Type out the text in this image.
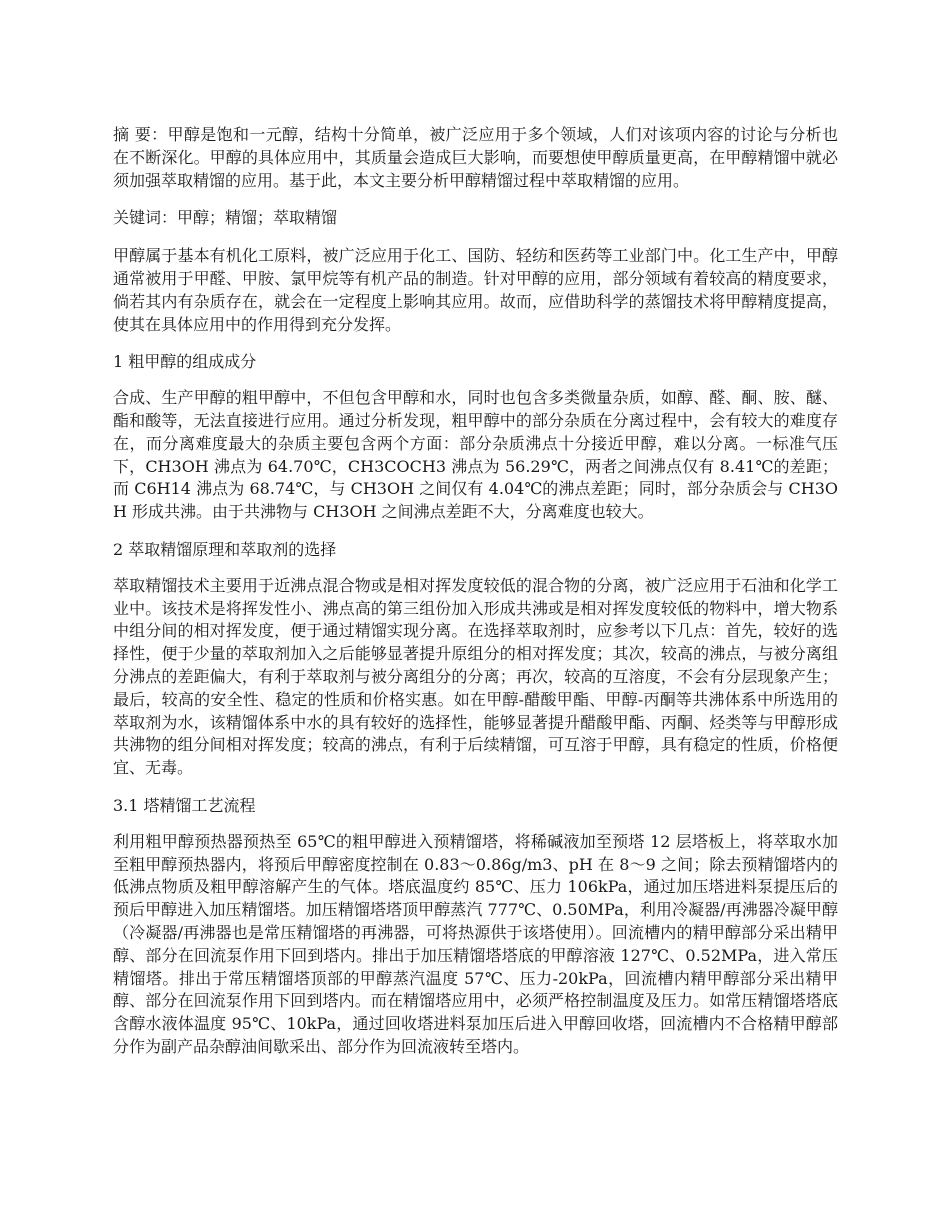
摘 要：甲醇是饱和一元醇，结构十分简单，被广泛应用于多个领域，人们对该项内容的讨论与分析也在不断深化。甲醇的具体应用中，其质量会造成巨大影响，而要想使甲醇质量更高，在甲醇精馏中就必须加强萃取精馏的应用。基于此，本文主要分析甲醇精馏过程中萃取精馏的应用。

关键词：甲醇；精馏；萃取精馏

甲醇属于基本有机化工原料，被广泛应用于化工、国防、轻纺和医药等工业部门中。化工生产中，甲醇通常被用于甲醛、甲胺、氯甲烷等有机产品的制造。针对甲醇的应用，部分领域有着较高的精度要求，倘若其内有杂质存在，就会在一定程度上影响其应用。故而，应借助科学的蒸馏技术将甲醇精度提高，使其在具体应用中的作用得到充分发挥。

1 粗甲醇的组成成分

合成、生产甲醇的粗甲醇中，不但包含甲醇和水，同时也包含多类微量杂质，如醇、醛、酮、胺、醚、酯和酸等，无法直接进行应用。通过分析发现，粗甲醇中的部分杂质在分离过程中，会有较大的难度存在，而分离难度最大的杂质主要包含两个方面：部分杂质沸点十分接近甲醇，难以分离。一标准气压下，CH3OH 沸点为 64.70℃，CH3COCH3 沸点为 56.29℃，两者之间沸点仅有 8.41℃的差距；而 C6H14 沸点为 68.74℃，与 CH3OH 之间仅有 4.04℃的沸点差距；同时，部分杂质会与 CH3OH 形成共沸。由于共沸物与 CH3OH 之间沸点差距不大，分离难度也较大。

2 萃取精馏原理和萃取剂的选择

萃取精馏技术主要用于近沸点混合物或是相对挥发度较低的混合物的分离，被广泛应用于石油和化学工业中。该技术是将挥发性小、沸点高的第三组份加入形成共沸或是相对挥发度较低的物料中，增大物系中组分间的相对挥发度，便于通过精馏实现分离。在选择萃取剂时，应参考以下几点：首先，较好的选择性，便于少量的萃取剂加入之后能够显著提升原组分的相对挥发度；其次，较高的沸点，与被分离组分沸点的差距偏大，有利于萃取剂与被分离组分的分离；再次，较高的互溶度，不会有分层现象产生；最后，较高的安全性、稳定的性质和价格实惠。如在甲醇-醋酸甲酯、甲醇-丙酮等共沸体系中所选用的萃取剂为水，该精馏体系中水的具有较好的选择性，能够显著提升醋酸甲酯、丙酮、烃类等与甲醇形成共沸物的组分间相对挥发度；较高的沸点，有利于后续精馏，可互溶于甲醇，具有稳定的性质，价格便宜、无毒。

3.1 塔精馏工艺流程

利用粗甲醇预热器预热至 65℃的粗甲醇进入预精馏塔，将稀碱液加至预塔 12 层塔板上，将萃取水加至粗甲醇预热器内，将预后甲醇密度控制在 0.83～0.86g/m3、pH 在 8～9 之间；除去预精馏塔内的低沸点物质及粗甲醇溶解产生的气体。塔底温度约 85℃、压力 106kPa，通过加压塔进料泵提压后的预后甲醇进入加压精馏塔。加压精馏塔塔顶甲醇蒸汽 777℃、0.50MPa，利用冷凝器/再沸器冷凝甲醇（冷凝器/再沸器也是常压精馏塔的再沸器，可将热源供于该塔使用）。回流槽内的精甲醇部分采出精甲醇、部分在回流泵作用下回到塔内。排出于加压精馏塔塔底的甲醇溶液 127℃、0.52MPa，进入常压精馏塔。排出于常压精馏塔顶部的甲醇蒸汽温度 57℃、压力-20kPa，回流槽内精甲醇部分采出精甲醇、部分在回流泵作用下回到塔内。而在精馏塔应用中，必须严格控制温度及压力。如常压精馏塔塔底含醇水液体温度 95℃、10kPa，通过回收塔进料泵加压后进入甲醇回收塔，回流槽内不合格精甲醇部分作为副产品杂醇油间歇采出、部分作为回流液转至塔内。
